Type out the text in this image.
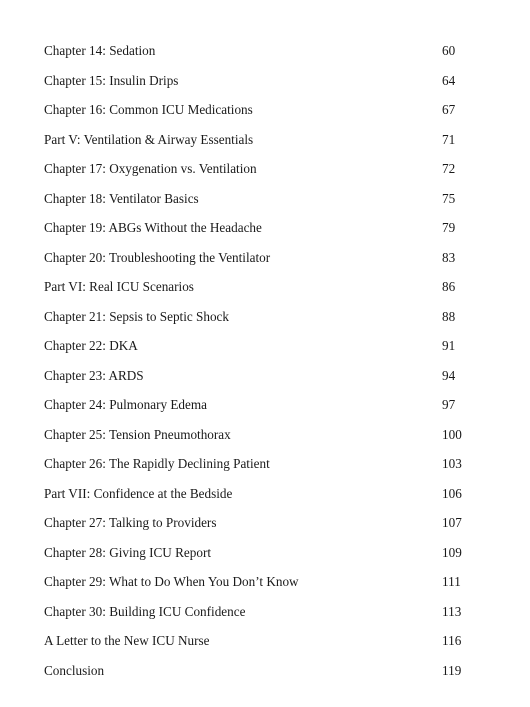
Chapter 14: Sedation	60
Chapter 15: Insulin Drips	64
Chapter 16: Common ICU Medications	67
Part V: Ventilation & Airway Essentials	71
Chapter 17: Oxygenation vs. Ventilation	72
Chapter 18: Ventilator Basics	75
Chapter 19: ABGs Without the Headache	79
Chapter 20: Troubleshooting the Ventilator	83
Part VI: Real ICU Scenarios	86
Chapter 21: Sepsis to Septic Shock	88
Chapter 22: DKA	91
Chapter 23: ARDS	94
Chapter 24: Pulmonary Edema	97
Chapter 25: Tension Pneumothorax	100
Chapter 26: The Rapidly Declining Patient	103
Part VII: Confidence at the Bedside	106
Chapter 27: Talking to Providers	107
Chapter 28: Giving ICU Report	109
Chapter 29: What to Do When You Don’t Know	111
Chapter 30: Building ICU Confidence	113
A Letter to the New ICU Nurse	116
Conclusion	119
